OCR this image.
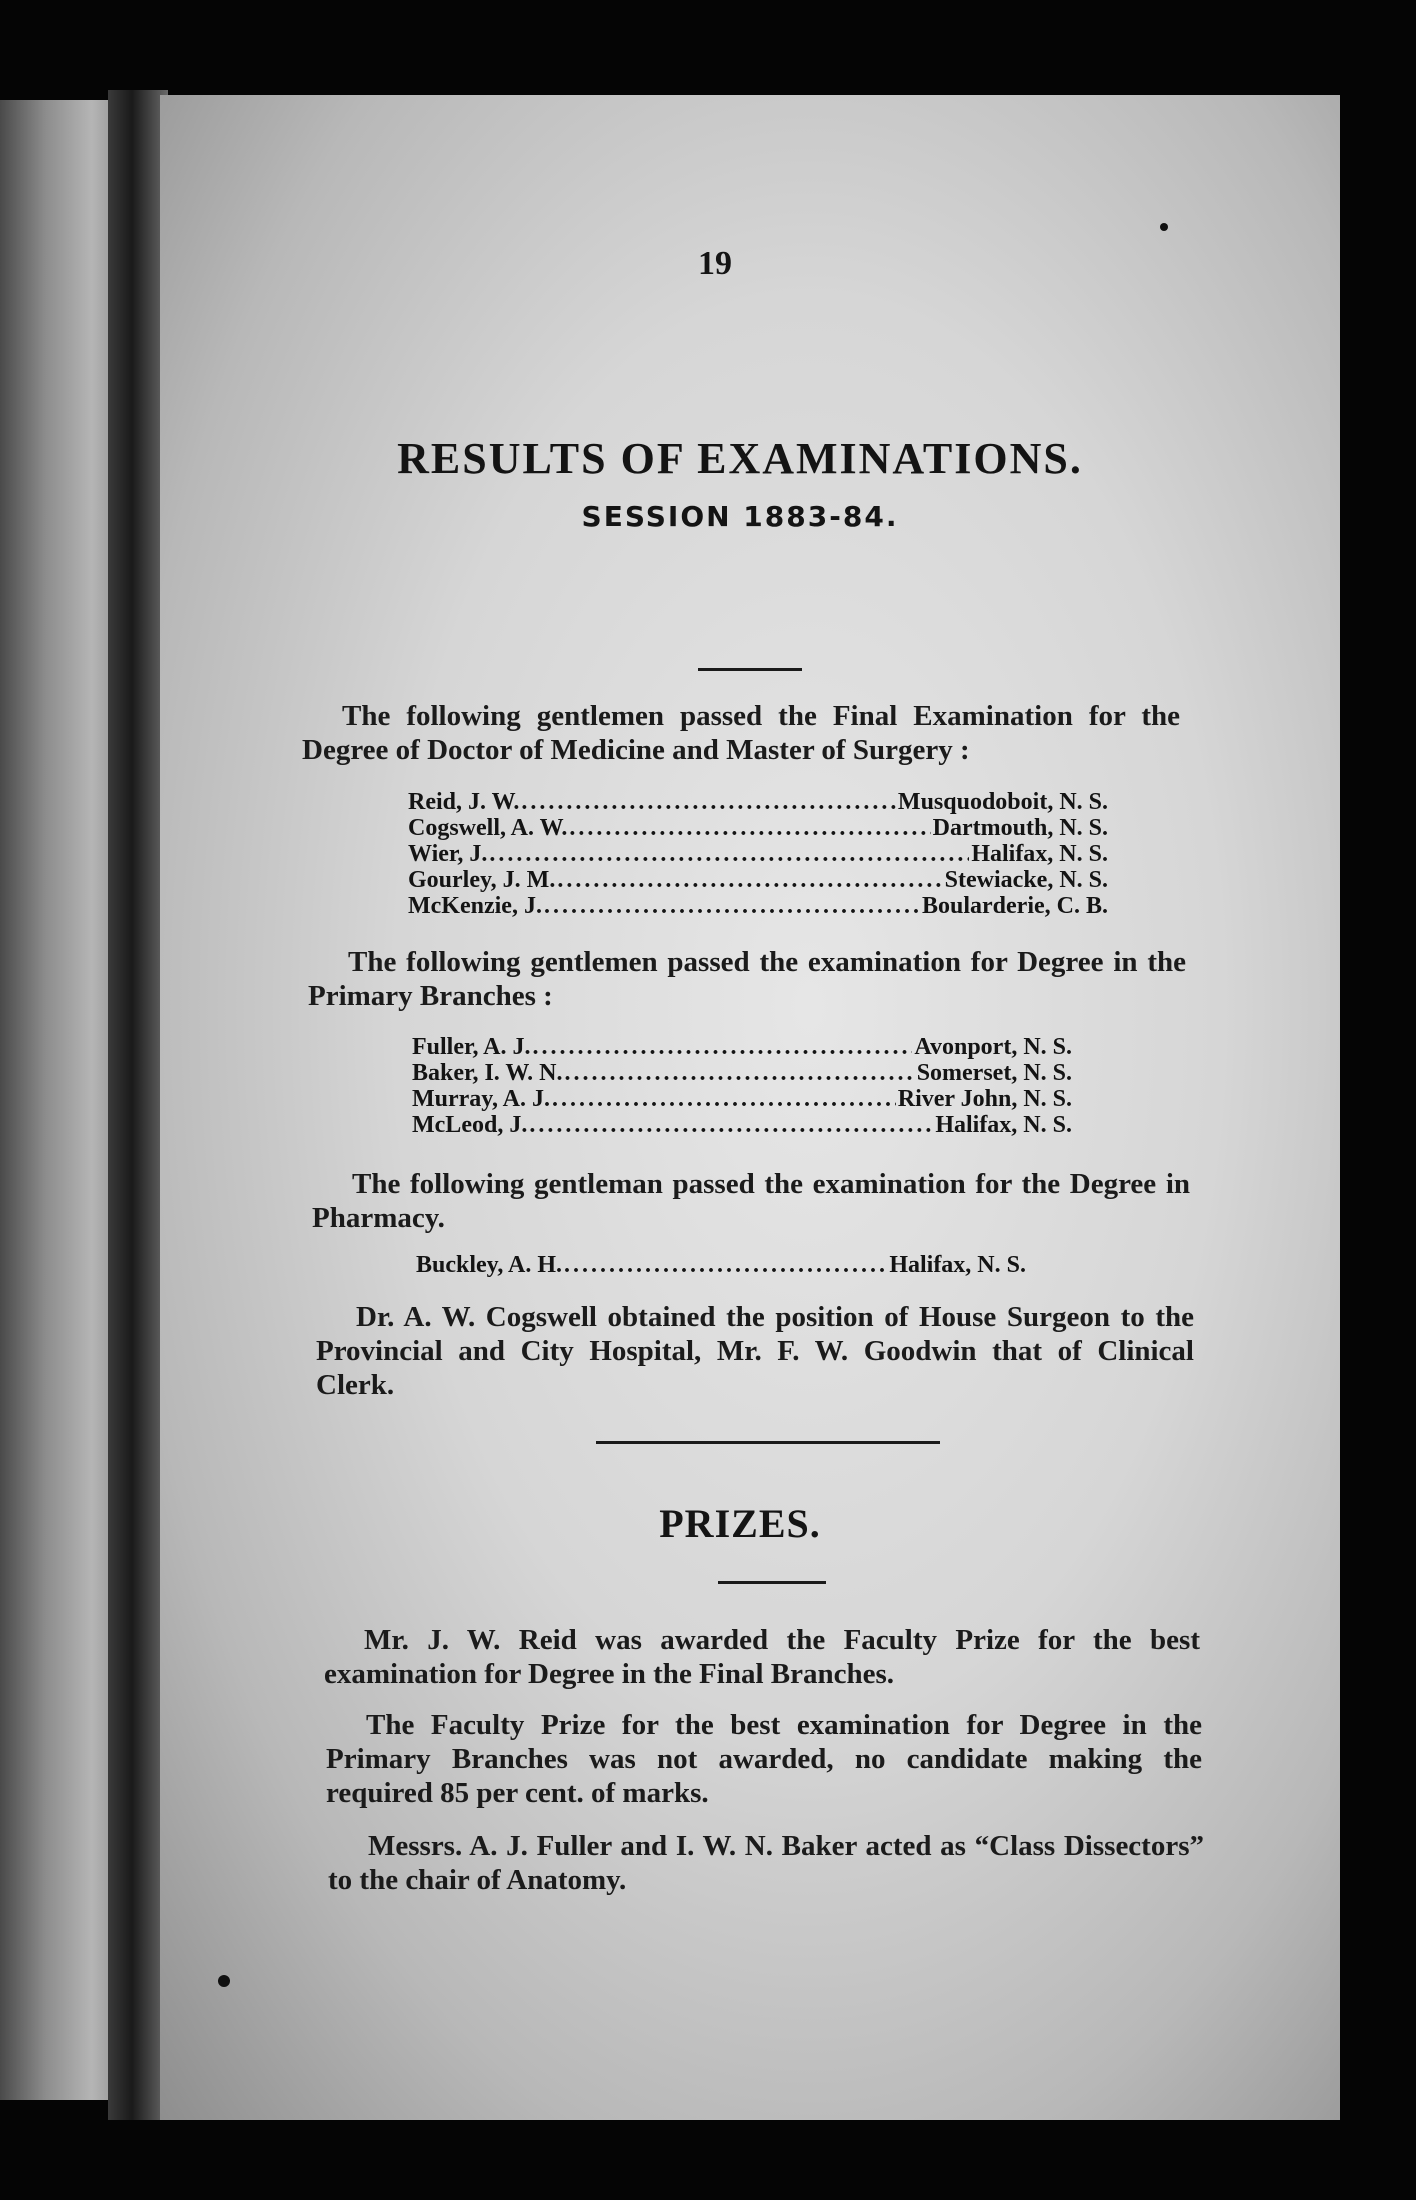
19
RESULTS OF EXAMINATIONS.
SESSION 1883-84.
The following gentlemen passed the Final Examination for the Degree of Doctor of Medicine and Master of Surgery :
Reid, J. W. .....	Musquodoboit, N. S.
Cogswell, A. W. .....	Dartmouth, N. S.
Wier, J. .....	Halifax, N. S.
Gourley, J. M. .....	Stewiacke, N. S.
McKenzie, J. .....	Boularderie, C. B.
The following gentlemen passed the examination for Degree in the Primary Branches :
Fuller, A. J. .....	Avonport, N. S.
Baker, I. W. N. .....	Somerset, N. S.
Murray, A. J. .....	River John, N. S.
McLeod, J. .....	Halifax, N. S.
The following gentleman passed the examination for the Degree in Pharmacy.
Buckley, A. H. .....	Halifax, N. S.
Dr. A. W. Cogswell obtained the position of House Surgeon to the Provincial and City Hospital, Mr. F. W. Goodwin that of Clinical Clerk.
PRIZES.
Mr. J. W. Reid was awarded the Faculty Prize for the best examination for Degree in the Final Branches.
The Faculty Prize for the best examination for Degree in the Primary Branches was not awarded, no candidate making the required 85 per cent. of marks.
Messrs. A. J. Fuller and I. W. N. Baker acted as “Class Dissectors” to the chair of Anatomy.
